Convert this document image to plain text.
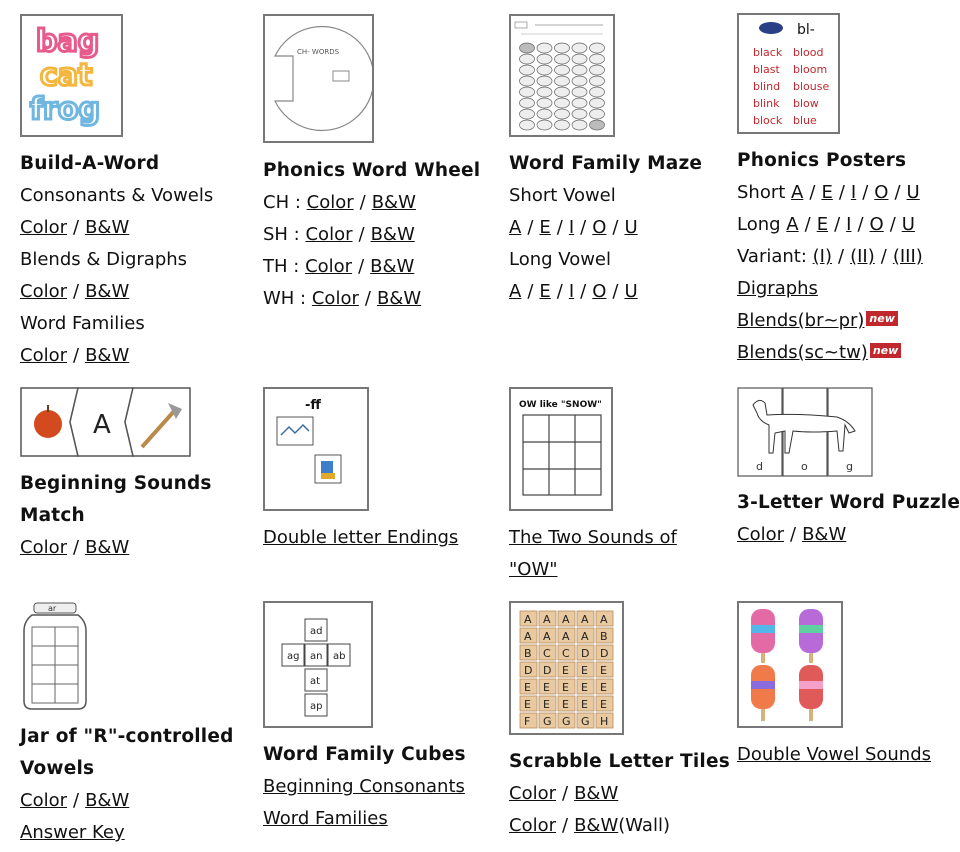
bag
cat
frog
Build-A-Word
Consonants & Vowels
Color / B&W
Blends & Digraphs
Color / B&W
Word Families
Color / B&W
CH- WORDS
Phonics Word Wheel
CH : Color / B&W
SH : Color / B&W
TH : Color / B&W
WH : Color / B&W
Word Family Maze
Short Vowel
A / E / I / O / U
Long Vowel
A / E / I / O / U
bl-
black blood
blast bloom
blind blouse
blink blow
block blue
Phonics Posters
Short A / E / I / O / U
Long A / E / I / O / U
Variant: (I) / (II) / (III)
Digraphs
Blends(br~pr) new
Blends(sc~tw) new
A
Beginning Sounds
Match
Color / B&W
-ff
Double letter Endings
OW like "SNOW"
The Two Sounds of
"OW"
d	o	g
3-Letter Word Puzzle
Color / B&W
ar
Jar of "R"-controlled
Vowels
Color / B&W
Answer Key
ad
ag an ab
at
ap
Word Family Cubes
Beginning Consonants
Word Families
A A A A A
A A A A B
B C C D D
D D E E E
E E E E E
E E E E E
F G G G H
Scrabble Letter Tiles
Color / B&W
Color / B&W(Wall)
Double Vowel Sounds
